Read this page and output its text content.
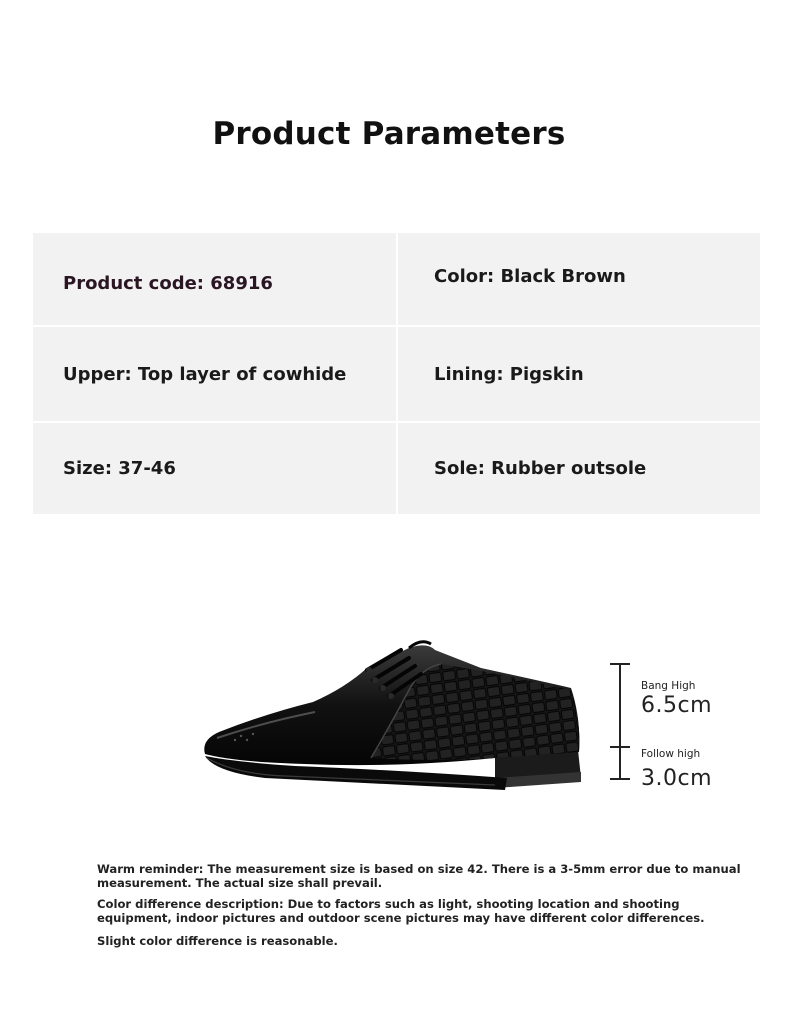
Product Parameters
Product code: 68916	Color: Black Brown
Upper: Top layer of cowhide	Lining: Pigskin
Size: 37-46	Sole: Rubber outsole
Bang High
6.5cm
Follow high
3.0cm

Warm reminder: The measurement size is based on size 42. There is a 3-5mm error due to manual measurement. The actual size shall prevail.

Color difference description: Due to factors such as light, shooting location and shooting equipment, indoor pictures and outdoor scene pictures may have different color differences.

Slight color difference is reasonable.
